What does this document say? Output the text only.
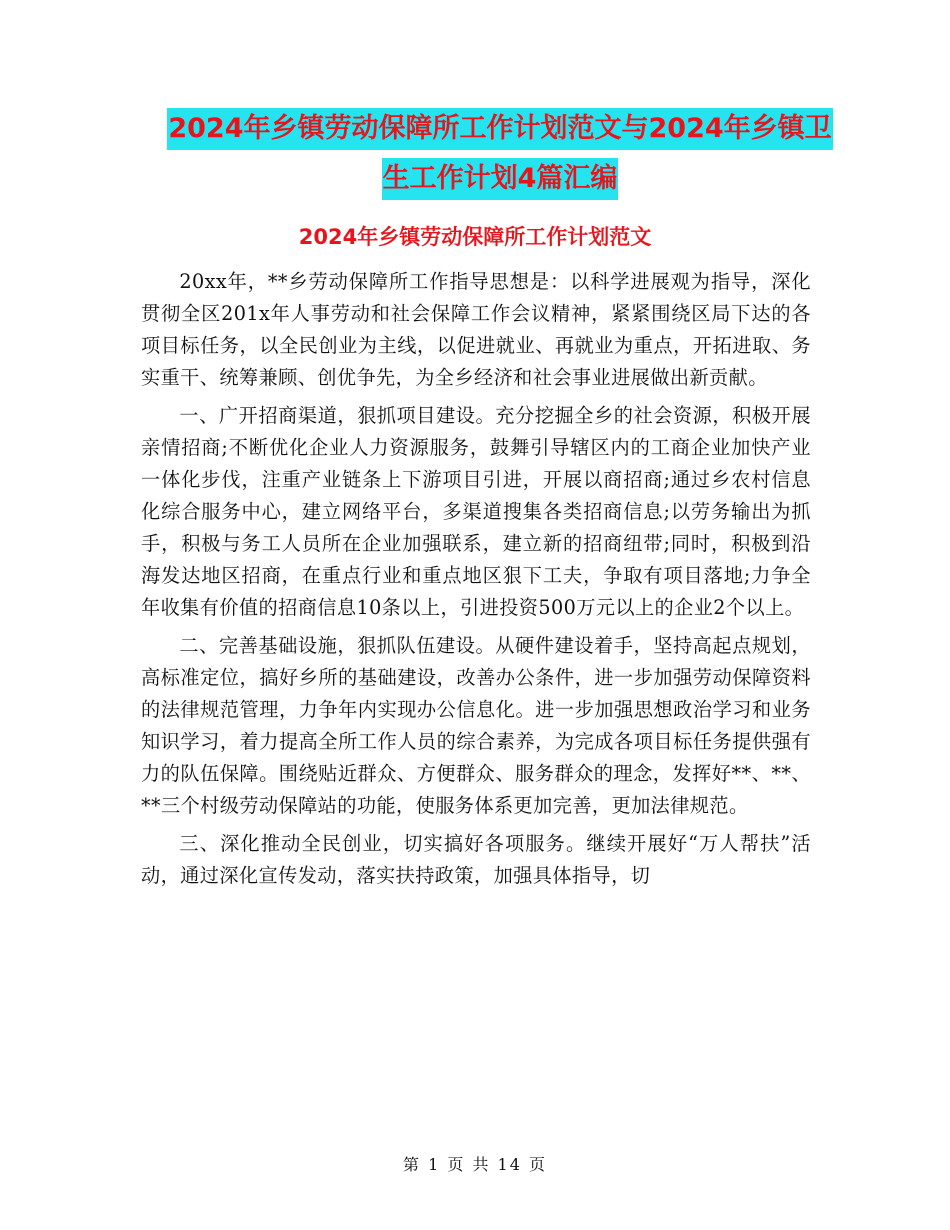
2024年乡镇劳动保障所工作计划范文与2024年乡镇卫
生工作计划4篇汇编
2024年乡镇劳动保障所工作计划范文

20xx年，**乡劳动保障所工作指导思想是：以科学进展观为指导，深化贯彻全区201x年人事劳动和社会保障工作会议精神，紧紧围绕区局下达的各项目标任务，以全民创业为主线，以促进就业、再就业为重点，开拓进取、务实重干、统筹兼顾、创优争先，为全乡经济和社会事业进展做出新贡献。

一、广开招商渠道，狠抓项目建设。充分挖掘全乡的社会资源，积极开展亲情招商;不断优化企业人力资源服务，鼓舞引导辖区内的工商企业加快产业一体化步伐，注重产业链条上下游项目引进，开展以商招商;通过乡农村信息化综合服务中心，建立网络平台，多渠道搜集各类招商信息;以劳务输出为抓手，积极与务工人员所在企业加强联系，建立新的招商纽带;同时，积极到沿海发达地区招商，在重点行业和重点地区狠下工夫，争取有项目落地;力争全年收集有价值的招商信息10条以上，引进投资500万元以上的企业2个以上。

二、完善基础设施，狠抓队伍建设。从硬件建设着手，坚持高起点规划，高标准定位，搞好乡所的基础建设，改善办公条件，进一步加强劳动保障资料的法律规范管理，力争年内实现办公信息化。进一步加强思想政治学习和业务知识学习，着力提高全所工作人员的综合素养，为完成各项目标任务提供强有力的队伍保障。围绕贴近群众、方便群众、服务群众的理念，发挥好**、**、**三个村级劳动保障站的功能，使服务体系更加完善，更加法律规范。

三、深化推动全民创业，切实搞好各项服务。继续开展好“万人帮扶”活动，通过深化宣传发动，落实扶持政策，加强具体指导，切

第 1 页 共 14 页
